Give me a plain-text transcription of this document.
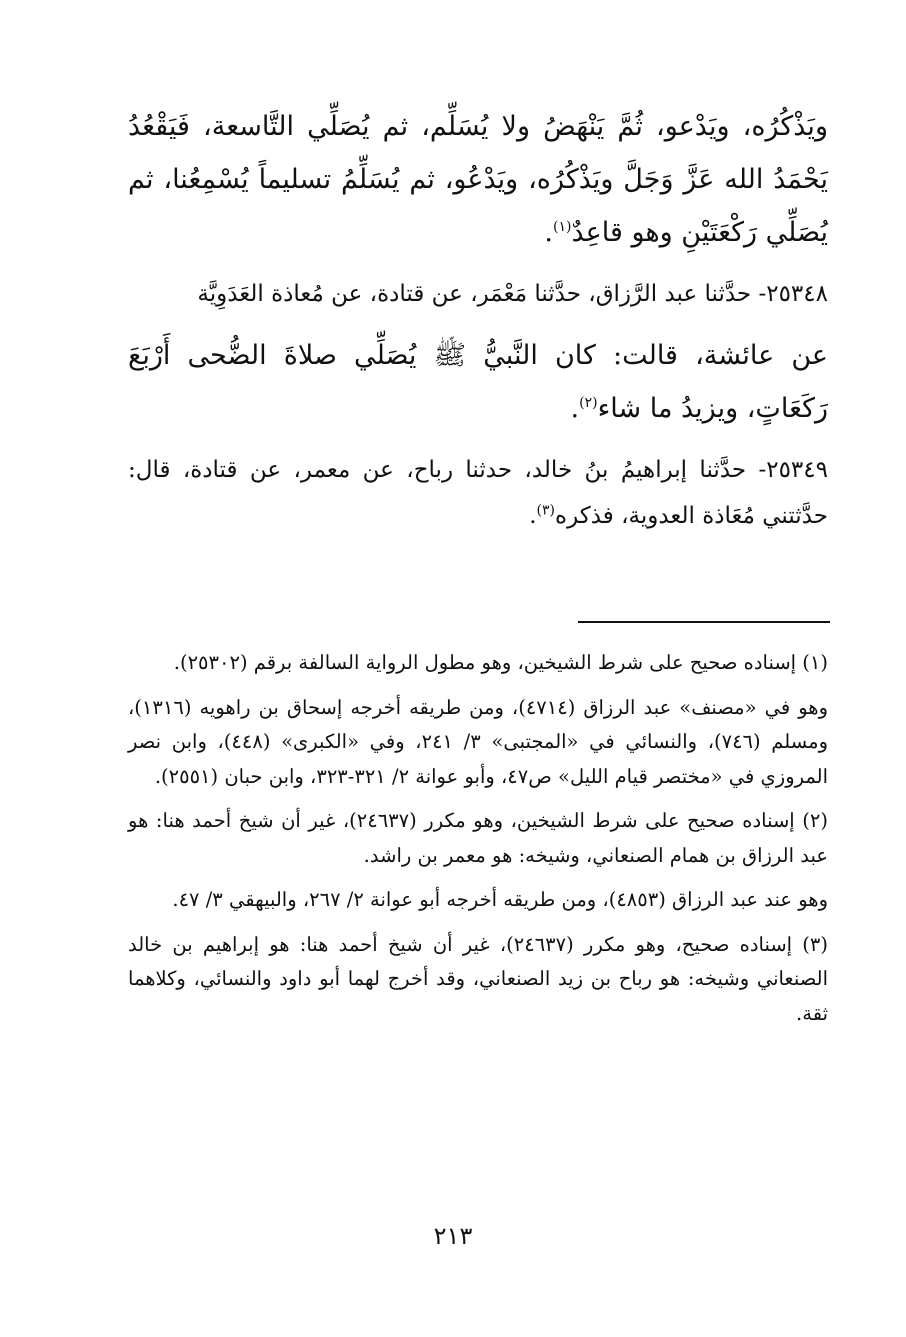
ويَذْكُرُه، ويَدْعو، ثُمَّ يَنْهَضُ ولا يُسَلِّم، ثم يُصَلِّي التَّاسعة، فَيَقْعُدُ يَحْمَدُ الله عَزَّ وَجَلَّ ويَذْكُرُه، ويَدْعُو، ثم يُسَلِّمُ تسليماً يُسْمِعُنا، ثم يُصَلِّي رَكْعَتَيْنِ وهو قاعِدٌ$^{(١)}$.

٢٥٣٤٨- حدَّثنا عبد الرَّزاق، حدَّثنا مَعْمَر، عن قتادة، عن مُعاذة العَدَوِيَّة

عن عائشة، قالت: كان النَّبيُّ ﷺ يُصَلِّي صلاةَ الضُّحى أَرْبَعَ رَكَعَاتٍ، ويزيدُ ما شاء$^{(٢)}$.

٢٥٣٤٩- حدَّثنا إبراهيمُ بنُ خالد، حدثنا رباح، عن معمر، عن قتادة، قال: حدَّثتني مُعَاذة العدوية، فذكره$^{(٣)}$.

(١) إسناده صحيح على شرط الشيخين، وهو مطول الرواية السالفة برقم (٢٥٣٠٢).

وهو في «مصنف» عبد الرزاق (٤٧١٤)، ومن طريقه أخرجه إسحاق بن راهويه (١٣١٦)، ومسلم (٧٤٦)، والنسائي في «المجتبى» ٣/ ٢٤١، وفي «الكبرى» (٤٤٨)، وابن نصر المروزي في «مختصر قيام الليل» ص٤٧، وأبو عوانة ٢/ ٣٢١-٣٢٣، وابن حبان (٢٥٥١).

(٢) إسناده صحيح على شرط الشيخين، وهو مكرر (٢٤٦٣٧)، غير أن شيخ أحمد هنا: هو عبد الرزاق بن همام الصنعاني، وشيخه: هو معمر بن راشد.

وهو عند عبد الرزاق (٤٨٥٣)، ومن طريقه أخرجه أبو عوانة ٢/ ٢٦٧، والبيهقي ٣/ ٤٧.

(٣) إسناده صحيح، وهو مكرر (٢٤٦٣٧)، غير أن شيخ أحمد هنا: هو إبراهيم بن خالد الصنعاني وشيخه: هو رباح بن زيد الصنعاني، وقد أخرج لهما أبو داود والنسائي، وكلاهما ثقة.

٢١٣
